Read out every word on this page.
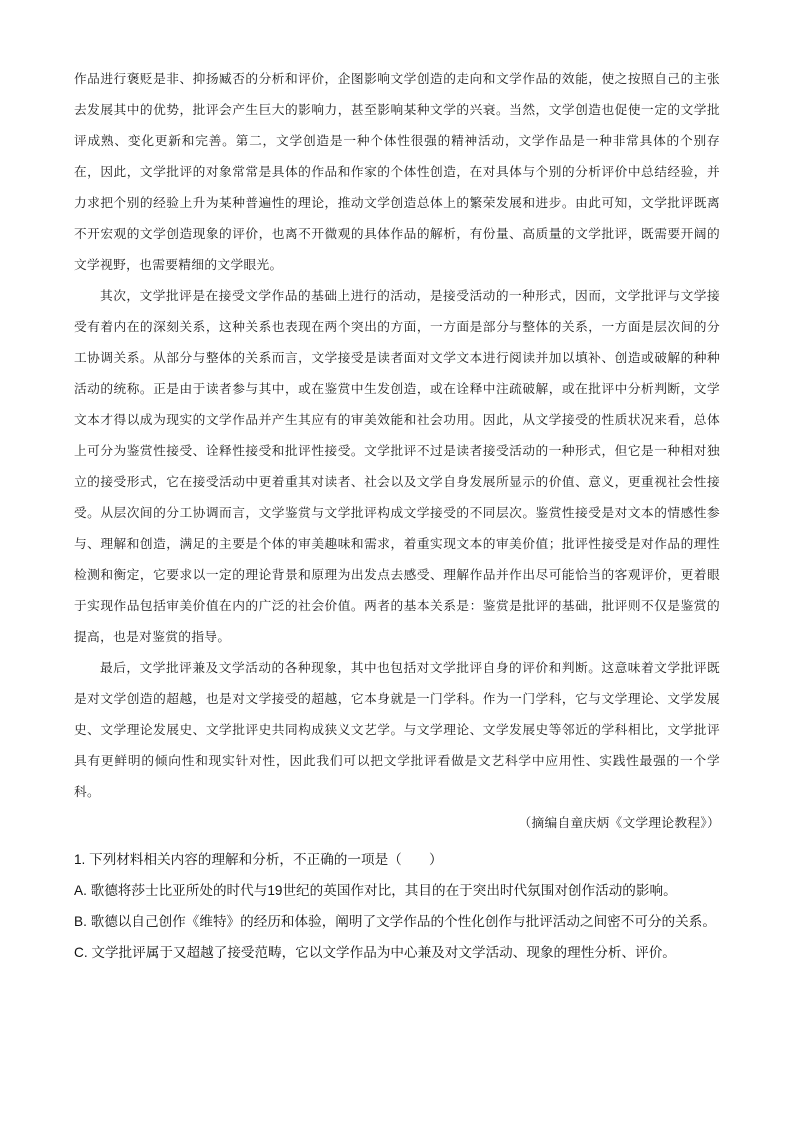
作品进行褒贬是非、抑扬臧否的分析和评价，企图影响文学创造的走向和文学作品的效能，使之按照自己的主张去发展其中的优势，批评会产生巨大的影响力，甚至影响某种文学的兴衰。当然，文学创造也促使一定的文学批评成熟、变化更新和完善。第二，文学创造是一种个体性很强的精神活动，文学作品是一种非常具体的个别存在，因此，文学批评的对象常常是具体的作品和作家的个体性创造，在对具体与个别的分析评价中总结经验，并力求把个别的经验上升为某种普遍性的理论，推动文学创造总体上的繁荣发展和进步。由此可知，文学批评既离不开宏观的文学创造现象的评价，也离不开微观的具体作品的解析，有份量、高质量的文学批评，既需要开阔的文学视野，也需要精细的文学眼光。

其次，文学批评是在接受文学作品的基础上进行的活动，是接受活动的一种形式，因而，文学批评与文学接受有着内在的深刻关系，这种关系也表现在两个突出的方面，一方面是部分与整体的关系，一方面是层次间的分工协调关系。从部分与整体的关系而言，文学接受是读者面对文学文本进行阅读并加以填补、创造或破解的种种活动的统称。正是由于读者参与其中，或在鉴赏中生发创造，或在诠释中注疏破解，或在批评中分析判断，文学文本才得以成为现实的文学作品并产生其应有的审美效能和社会功用。因此，从文学接受的性质状况来看，总体上可分为鉴赏性接受、诠释性接受和批评性接受。文学批评不过是读者接受活动的一种形式，但它是一种相对独立的接受形式，它在接受活动中更着重其对读者、社会以及文学自身发展所显示的价值、意义，更重视社会性接受。从层次间的分工协调而言，文学鉴赏与文学批评构成文学接受的不同层次。鉴赏性接受是对文本的情感性参与、理解和创造，满足的主要是个体的审美趣味和需求，着重实现文本的审美价值；批评性接受是对作品的理性检测和衡定，它要求以一定的理论背景和原理为出发点去感受、理解作品并作出尽可能恰当的客观评价，更着眼于实现作品包括审美价值在内的广泛的社会价值。两者的基本关系是：鉴赏是批评的基础，批评则不仅是鉴赏的提高，也是对鉴赏的指导。

最后，文学批评兼及文学活动的各种现象，其中也包括对文学批评自身的评价和判断。这意味着文学批评既是对文学创造的超越，也是对文学接受的超越，它本身就是一门学科。作为一门学科，它与文学理论、文学发展史、文学理论发展史、文学批评史共同构成狭义文艺学。与文学理论、文学发展史等邻近的学科相比，文学批评具有更鲜明的倾向性和现实针对性，因此我们可以把文学批评看做是文艺科学中应用性、实践性最强的一个学科。

（摘编自童庆炳《文学理论教程》）

1. 下列材料相关内容的理解和分析，不正确的一项是（　　）

A. 歌德将莎士比亚所处的时代与19世纪的英国作对比，其目的在于突出时代氛围对创作活动的影响。

B. 歌德以自己创作《维特》的经历和体验，阐明了文学作品的个性化创作与批评活动之间密不可分的关系。

C. 文学批评属于又超越了接受范畴，它以文学作品为中心兼及对文学活动、现象的理性分析、评价。
